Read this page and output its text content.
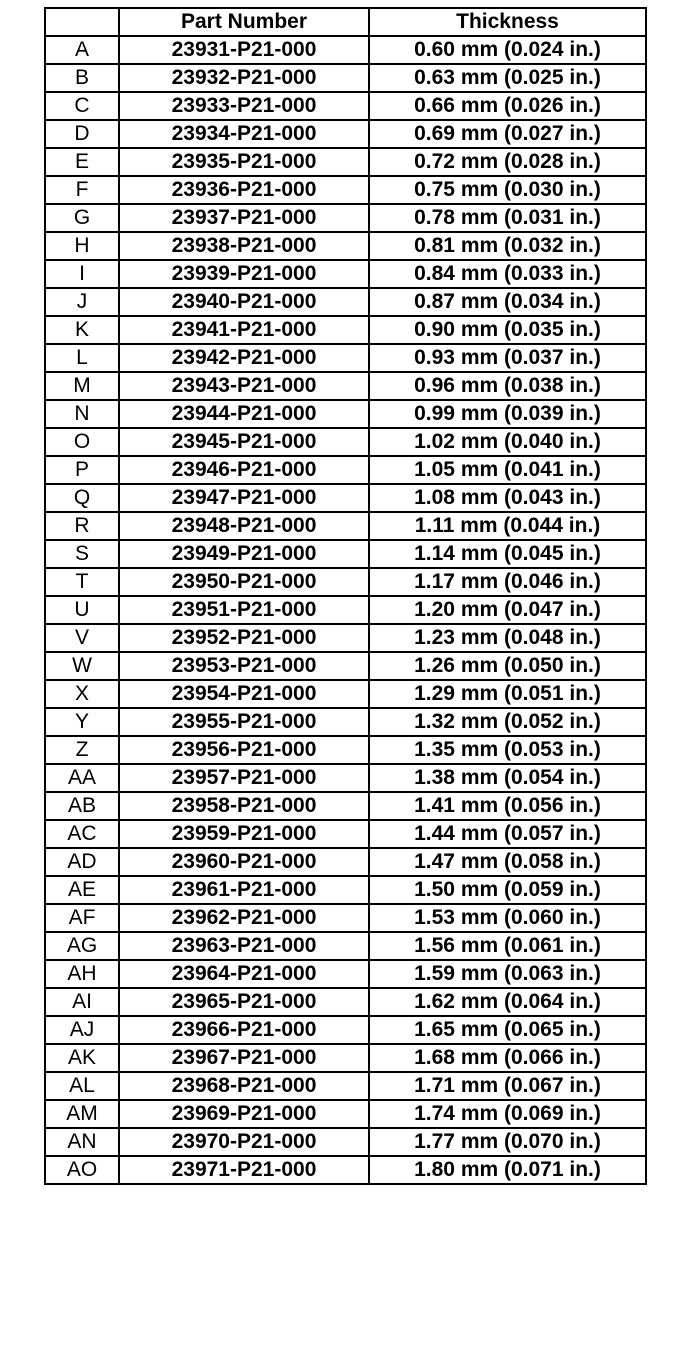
	Part Number	Thickness
A	23931-P21-000	0.60 mm (0.024 in.)
B	23932-P21-000	0.63 mm (0.025 in.)
C	23933-P21-000	0.66 mm (0.026 in.)
D	23934-P21-000	0.69 mm (0.027 in.)
E	23935-P21-000	0.72 mm (0.028 in.)
F	23936-P21-000	0.75 mm (0.030 in.)
G	23937-P21-000	0.78 mm (0.031 in.)
H	23938-P21-000	0.81 mm (0.032 in.)
I	23939-P21-000	0.84 mm (0.033 in.)
J	23940-P21-000	0.87 mm (0.034 in.)
K	23941-P21-000	0.90 mm (0.035 in.)
L	23942-P21-000	0.93 mm (0.037 in.)
M	23943-P21-000	0.96 mm (0.038 in.)
N	23944-P21-000	0.99 mm (0.039 in.)
O	23945-P21-000	1.02 mm (0.040 in.)
P	23946-P21-000	1.05 mm (0.041 in.)
Q	23947-P21-000	1.08 mm (0.043 in.)
R	23948-P21-000	1.11 mm (0.044 in.)
S	23949-P21-000	1.14 mm (0.045 in.)
T	23950-P21-000	1.17 mm (0.046 in.)
U	23951-P21-000	1.20 mm (0.047 in.)
V	23952-P21-000	1.23 mm (0.048 in.)
W	23953-P21-000	1.26 mm (0.050 in.)
X	23954-P21-000	1.29 mm (0.051 in.)
Y	23955-P21-000	1.32 mm (0.052 in.)
Z	23956-P21-000	1.35 mm (0.053 in.)
AA	23957-P21-000	1.38 mm (0.054 in.)
AB	23958-P21-000	1.41 mm (0.056 in.)
AC	23959-P21-000	1.44 mm (0.057 in.)
AD	23960-P21-000	1.47 mm (0.058 in.)
AE	23961-P21-000	1.50 mm (0.059 in.)
AF	23962-P21-000	1.53 mm (0.060 in.)
AG	23963-P21-000	1.56 mm (0.061 in.)
AH	23964-P21-000	1.59 mm (0.063 in.)
AI	23965-P21-000	1.62 mm (0.064 in.)
AJ	23966-P21-000	1.65 mm (0.065 in.)
AK	23967-P21-000	1.68 mm (0.066 in.)
AL	23968-P21-000	1.71 mm (0.067 in.)
AM	23969-P21-000	1.74 mm (0.069 in.)
AN	23970-P21-000	1.77 mm (0.070 in.)
AO	23971-P21-000	1.80 mm (0.071 in.)
